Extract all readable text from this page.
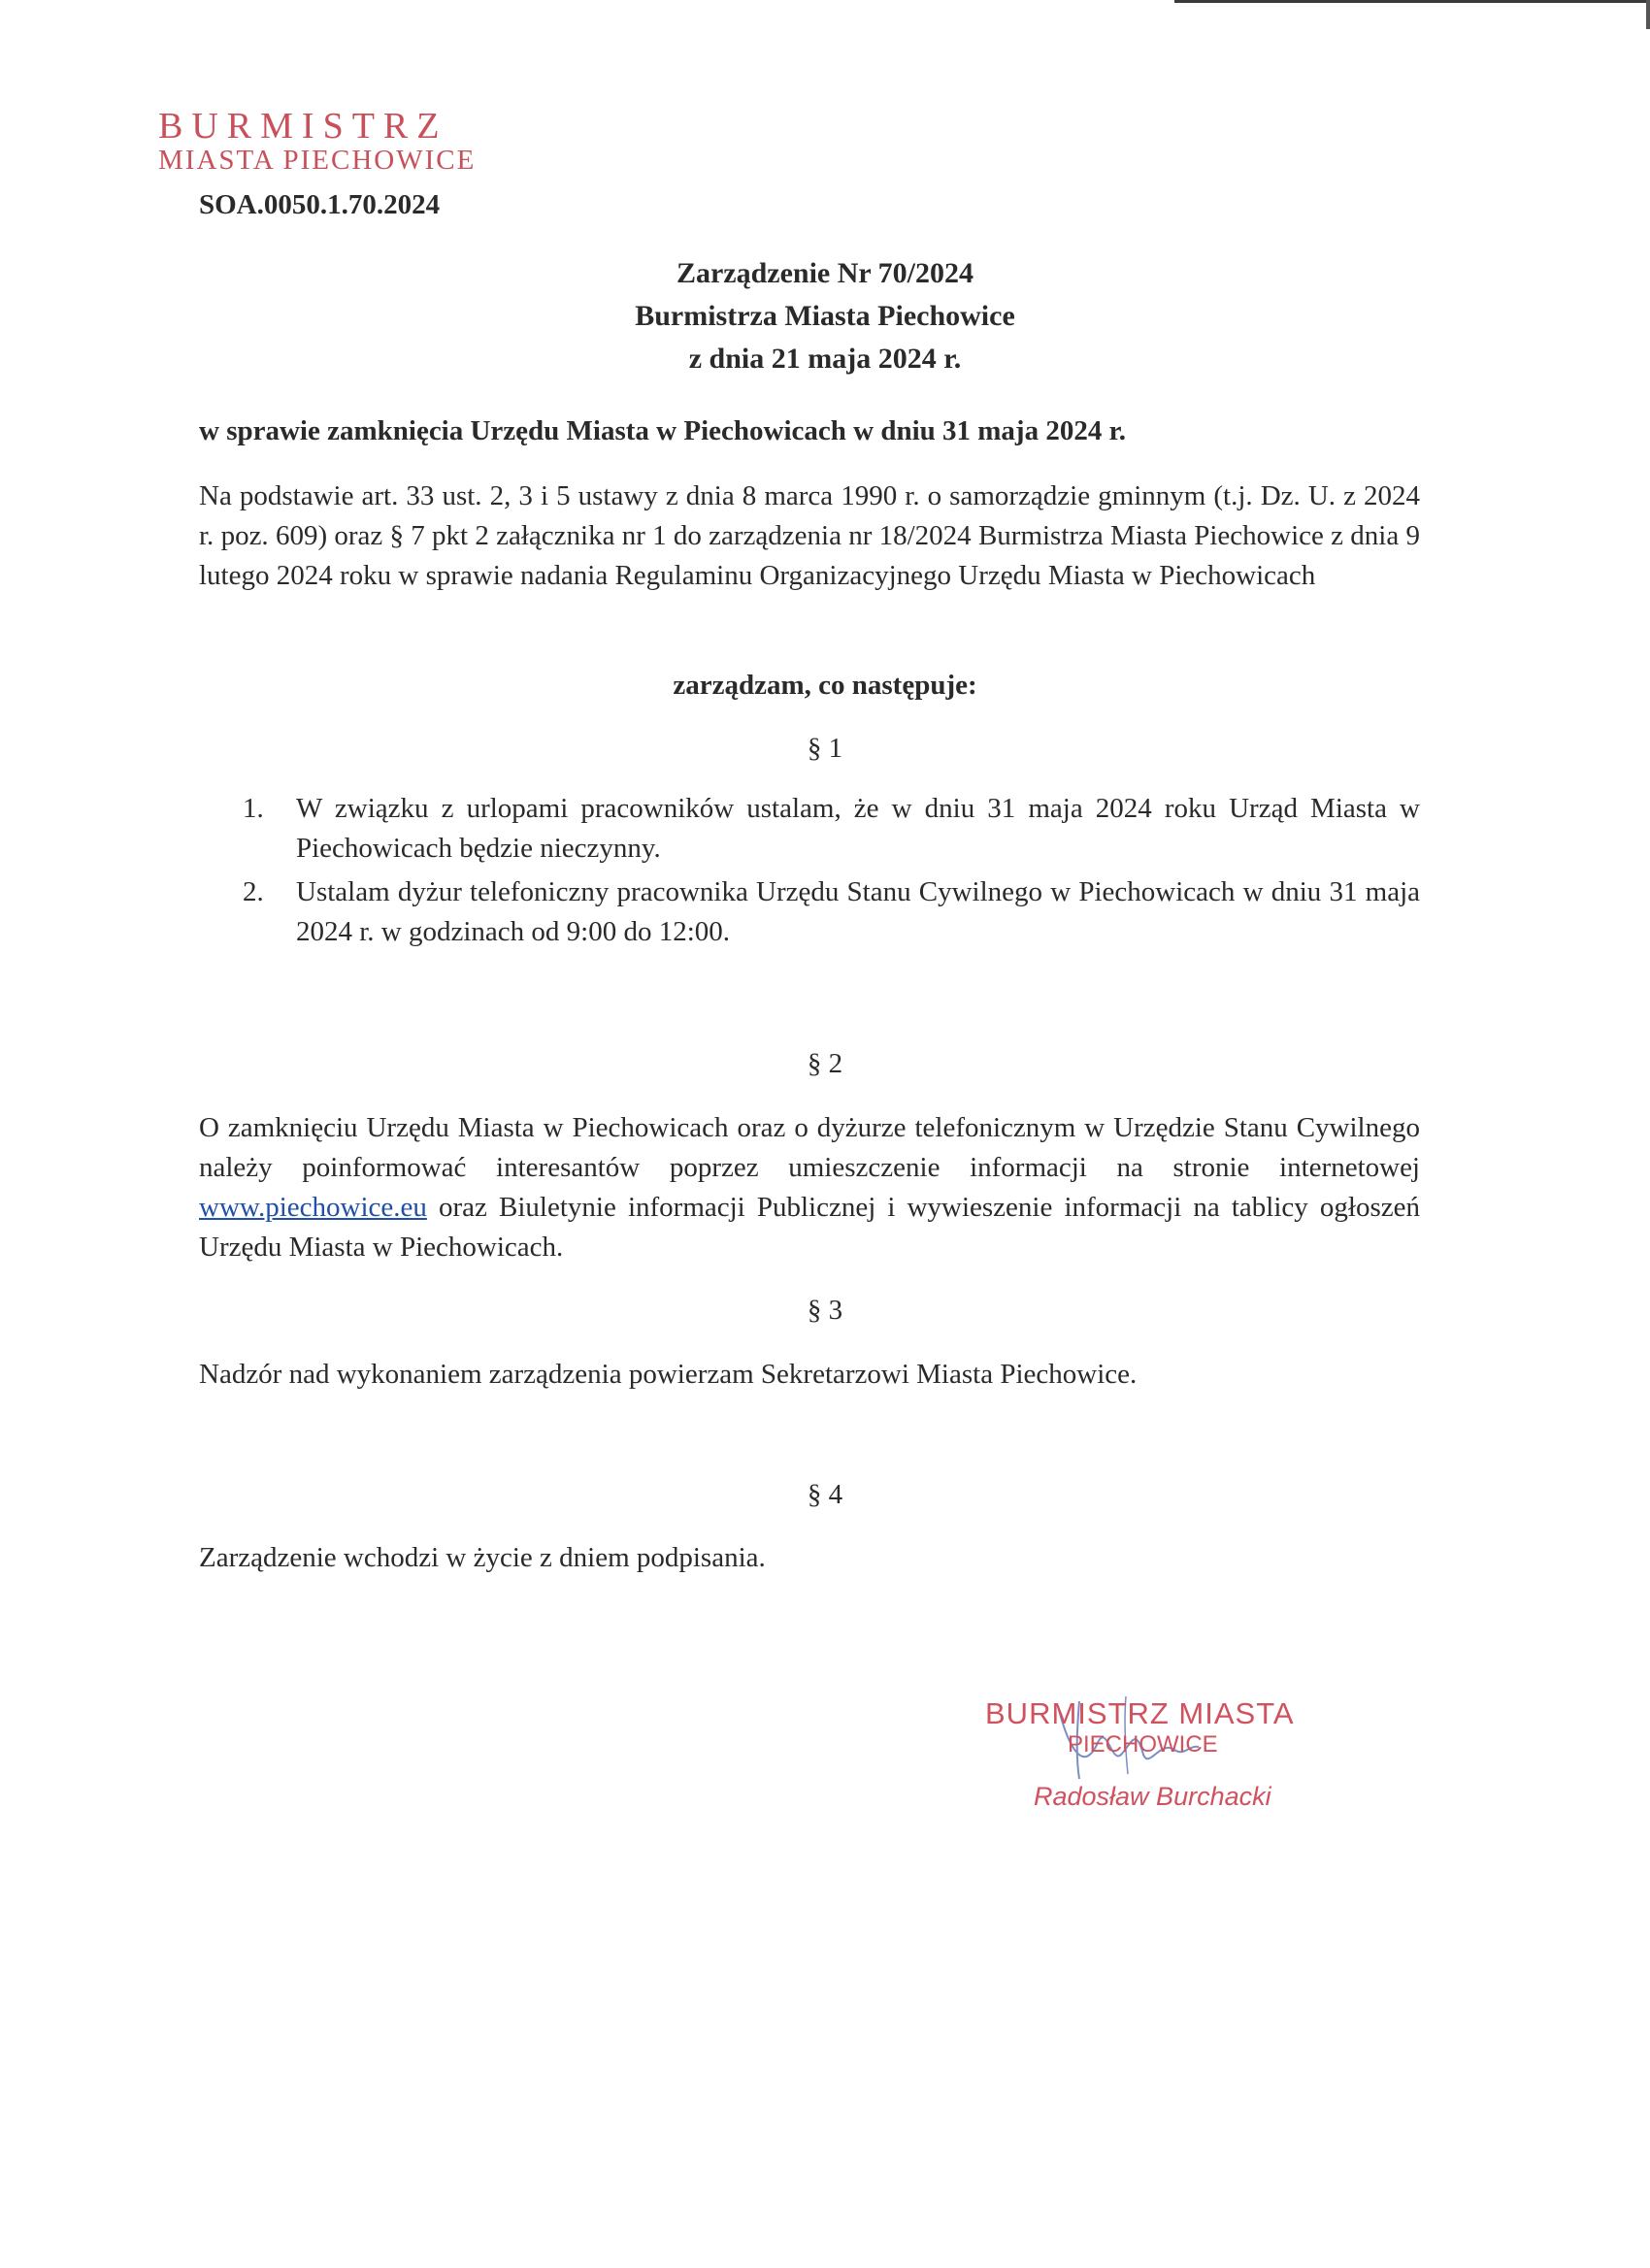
BURMISTRZ
MIASTA PIECHOWICE
SOA.0050.1.70.2024
Zarządzenie Nr 70/2024
Burmistrza Miasta Piechowice
z dnia 21 maja 2024 r.
w sprawie zamknięcia Urzędu Miasta w Piechowicach w dniu 31 maja 2024 r.
Na podstawie art. 33 ust. 2, 3 i 5 ustawy z dnia 8 marca 1990 r. o samorządzie gminnym (t.j. Dz. U. z 2024 r. poz. 609) oraz § 7 pkt 2 załącznika nr 1 do zarządzenia nr 18/2024 Burmistrza Miasta Piechowice z dnia 9 lutego 2024 roku w sprawie nadania Regulaminu Organizacyjnego Urzędu Miasta w Piechowicach
zarządzam, co następuje:
§ 1
1. W związku z urlopami pracowników ustalam, że w dniu 31 maja 2024 roku Urząd Miasta w Piechowicach będzie nieczynny.
2. Ustalam dyżur telefoniczny pracownika Urzędu Stanu Cywilnego w Piechowicach w dniu 31 maja 2024 r. w godzinach od 9:00 do 12:00.
§ 2
O zamknięciu Urzędu Miasta w Piechowicach oraz o dyżurze telefonicznym w Urzędzie Stanu Cywilnego należy poinformować interesantów poprzez umieszczenie informacji na stronie internetowej www.piechowice.eu oraz Biuletynie informacji Publicznej i wywieszenie informacji na tablicy ogłoszeń Urzędu Miasta w Piechowicach.
§ 3
Nadzór nad wykonaniem zarządzenia powierzam Sekretarzowi Miasta Piechowice.
§ 4
Zarządzenie wchodzi w życie z dniem podpisania.
BURMISTRZ MIASTA
PIECHOWICE
Radosław Burchacki
